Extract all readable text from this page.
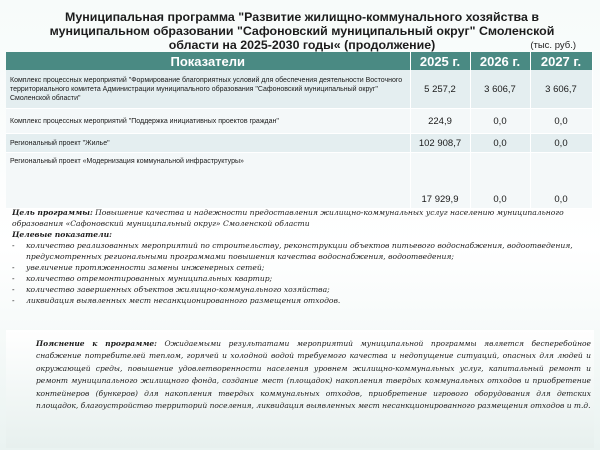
Муниципальная программа "Развитие жилищно-коммунального хозяйства в муниципальном образовании "Сафоновский муниципальный округ" Смоленской области на 2025-2030 годы« (продолжение)	(тыс. руб.)
Показатели	2025 г.	2026 г.	2027 г.
Комплекс процессных мероприятий "Формирование благоприятных условий для обеспечения деятельности Восточного территориального комитета Администрации муниципального образования "Сафоновский муниципальный округ" Смоленской области"	5 257,2	3 606,7	3 606,7
Комплекс процессных мероприятий "Поддержка инициативных проектов граждан"	224,9	0,0	0,0
Региональный проект "Жилье"	102 908,7	0,0	0,0
Региональный проект «Модернизация коммунальной инфраструктуры»	17 929,9	0,0	0,0
Цель программы: Повышение качества и надежности предоставления жилищно-коммунальных услуг населению муниципального образования «Сафоновский муниципальный округ» Смоленской области
Целевые показатели:
- количество реализованных мероприятий по строительству, реконструкции объектов питьевого водоснабжения, водоотведения, предусмотренных региональными программами повышения качества водоснабжения, водоотведения;
- увеличение протяженности замены инженерных сетей;
- количество отремонтированных муниципальных квартир;
- количество завершенных объектов жилищно-коммунального хозяйства;
- ликвидация выявленных мест несанкционированного размещения отходов.
Пояснение к программе: Ожидаемыми результатами мероприятий муниципальной программы является бесперебойное снабжение потребителей теплом, горячей и холодной водой требуемого качества и недопущение ситуаций, опасных для людей и окружающей среды, повышение удовлетворенности населения уровнем жилищно-коммунальных услуг, капитальный ремонт и ремонт муниципального жилищного фонда, создание мест (площадок) накопления твердых коммунальных отходов и приобретение контейнеров (бункеров) для накопления твердых коммунальных отходов, приобретение игрового оборудования для детских площадок, благоустройство территорий поселения, ликвидация выявленных мест несанкционированного размещения отходов и т.д.
